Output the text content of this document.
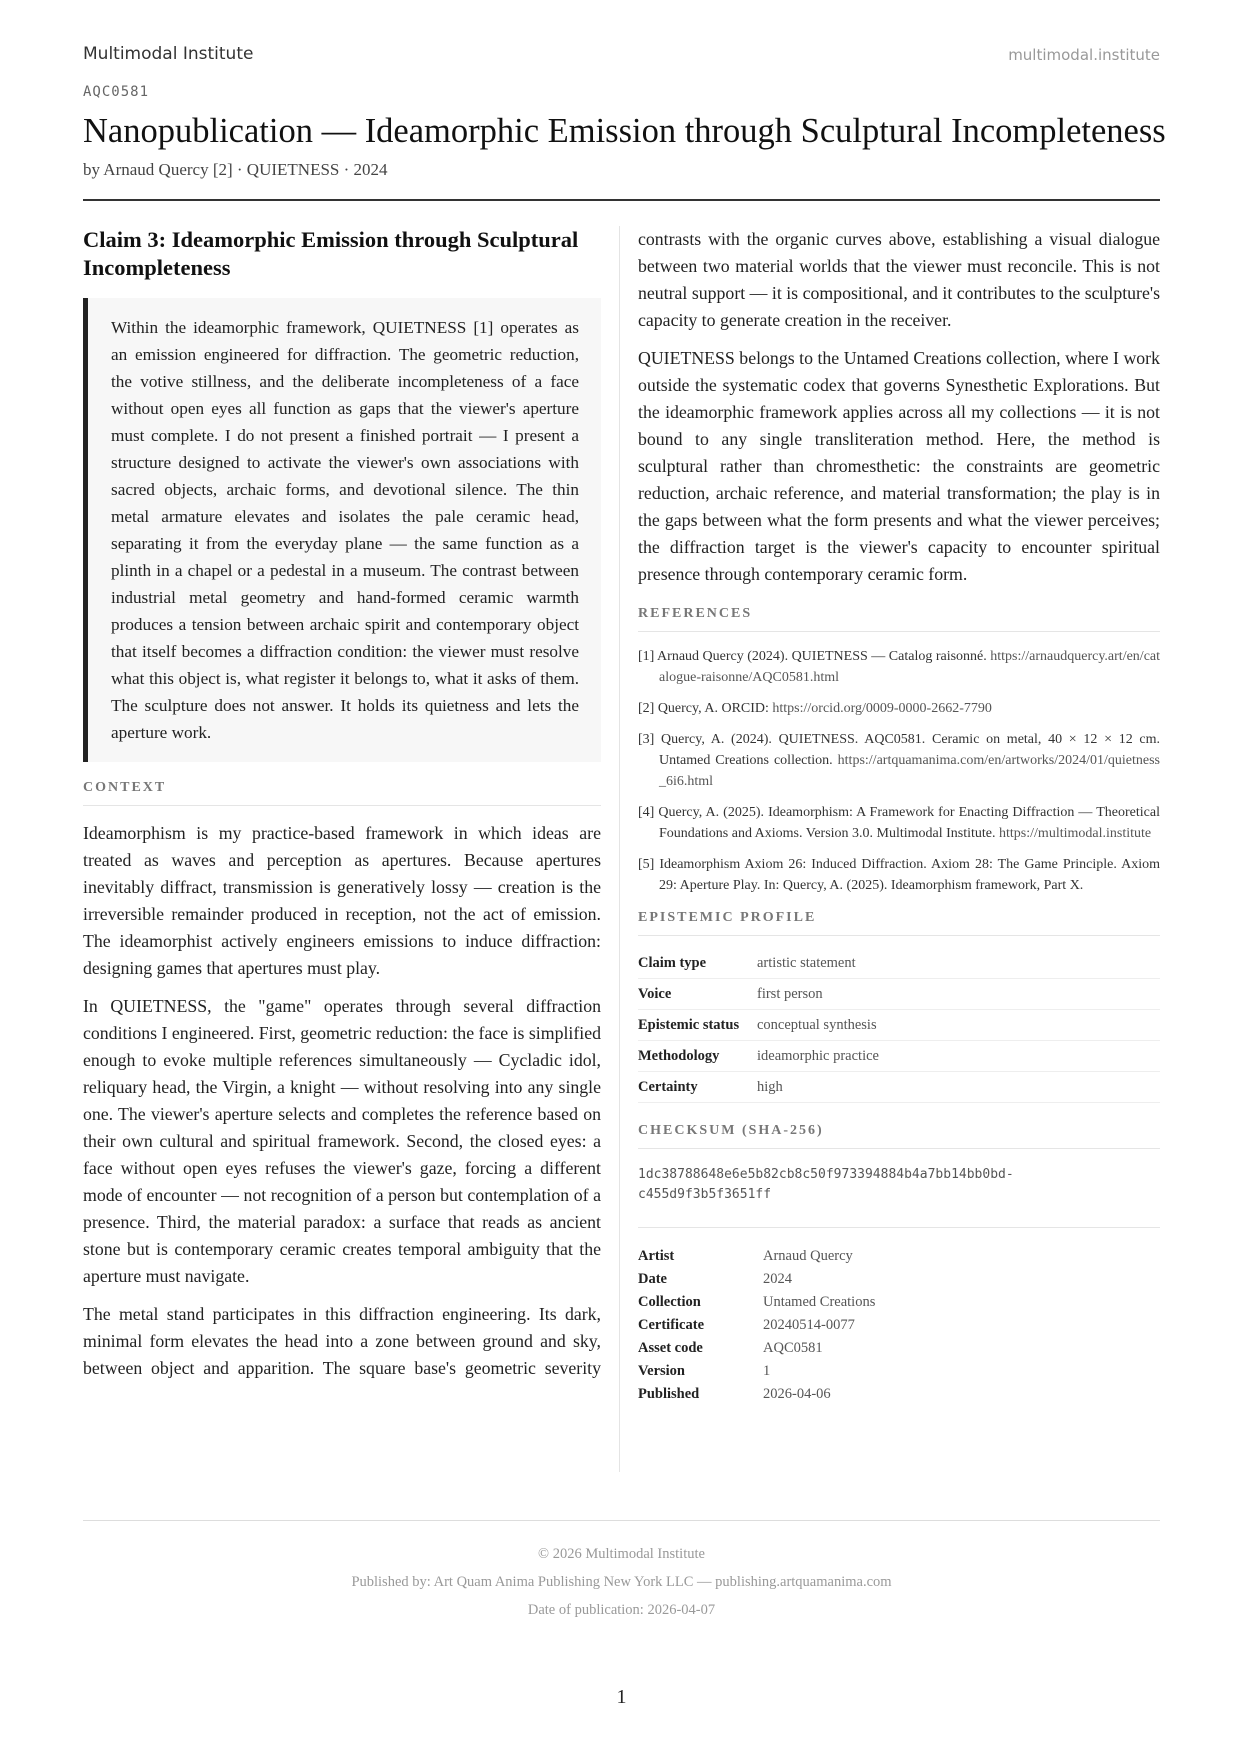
Multimodal Institute	multimodal.institute
AQC0581
Nanopublication — Ideamorphic Emission through Sculptural Incompleteness
by Arnaud Quercy [2] · QUIETNESS · 2024
Claim 3: Ideamorphic Emission through Sculptural Incompleteness
Within the ideamorphic framework, QUIETNESS [1] operates as an emission engineered for diffraction. The geometric reduction, the votive stillness, and the deliberate incompleteness of a face without open eyes all function as gaps that the viewer's aperture must complete. I do not present a finished portrait — I present a structure designed to activate the viewer's own associations with sacred objects, archaic forms, and devotional silence. The thin metal armature elevates and isolates the pale ceramic head, separating it from the everyday plane — the same function as a plinth in a chapel or a pedestal in a museum. The contrast between industrial metal geometry and hand-formed ceramic warmth produces a tension between archaic spirit and contemporary object that itself becomes a diffraction condition: the viewer must resolve what this object is, what register it belongs to, what it asks of them. The sculpture does not answer. It holds its quietness and lets the aperture work.
CONTEXT

Ideamorphism is my practice-based framework in which ideas are treated as waves and perception as apertures. Because apertures inevitably diffract, transmission is generatively lossy — creation is the irreversible remainder produced in reception, not the act of emission. The ideamorphist actively engineers emissions to induce diffraction: designing games that apertures must play.

In QUIETNESS, the "game" operates through several diffraction conditions I engineered. First, geometric reduction: the face is simplified enough to evoke multiple references simultaneously — Cycladic idol, reliquary head, the Virgin, a knight — without resolving into any single one. The viewer's aperture selects and completes the reference based on their own cultural and spiritual framework. Second, the closed eyes: a face without open eyes refuses the viewer's gaze, forcing a different mode of encounter — not recognition of a person but contemplation of a presence. Third, the material paradox: a surface that reads as ancient stone but is contemporary ceramic creates temporal ambiguity that the aperture must navigate.

The metal stand participates in this diffraction engineering. Its dark, minimal form elevates the head into a zone between ground and sky, between object and apparition. The square base's geometric severity

contrasts with the organic curves above, establishing a visual dialogue between two material worlds that the viewer must reconcile. This is not neutral support — it is compositional, and it contributes to the sculpture's capacity to generate creation in the receiver.

QUIETNESS belongs to the Untamed Creations collection, where I work outside the systematic codex that governs Synesthetic Explorations. But the ideamorphic framework applies across all my collections — it is not bound to any single transliteration method. Here, the method is sculptural rather than chromesthetic: the constraints are geometric reduction, archaic reference, and material transformation; the play is in the gaps between what the form presents and what the viewer perceives; the diffraction target is the viewer's capacity to encounter spiritual presence through contemporary ceramic form.

REFERENCES
[1] Arnaud Quercy (2024). QUIETNESS — Catalog raisonné. https://arnaudquercy.art/en/catalogue-raisonne/AQC0581.html
[2] Quercy, A. ORCID: https://orcid.org/0009-0000-2662-7790
[3] Quercy, A. (2024). QUIETNESS. AQC0581. Ceramic on metal, 40 × 12 × 12 cm. Untamed Creations collection. https://artquamanima.com/en/artworks/2024/01/quietness_6i6.html
[4] Quercy, A. (2025). Ideamorphism: A Framework for Enacting Diffraction — Theoretical Foundations and Axioms. Version 3.0. Multimodal Institute. https://multimodal.institute
[5] Ideamorphism Axiom 26: Induced Diffraction. Axiom 28: The Game Principle. Axiom 29: Aperture Play. In: Quercy, A. (2025). Ideamorphism framework, Part X.
EPISTEMIC PROFILE
Claim type	artistic statement
Voice	first person
Epistemic status	conceptual synthesis
Methodology	ideamorphic practice
Certainty	high
CHECKSUM (SHA-256)
1dc38788648e6e5b82cb8c50f973394884b4a7bb14bb0bd-
c455d9f3b5f3651ff
Artist	Arnaud Quercy
Date	2024
Collection	Untamed Creations
Certificate	20240514-0077
Asset code	AQC0581
Version	1
Published	2026-04-06
© 2026 Multimodal Institute
Published by: Art Quam Anima Publishing New York LLC — publishing.artquamanima.com
Date of publication: 2026-04-07
1
